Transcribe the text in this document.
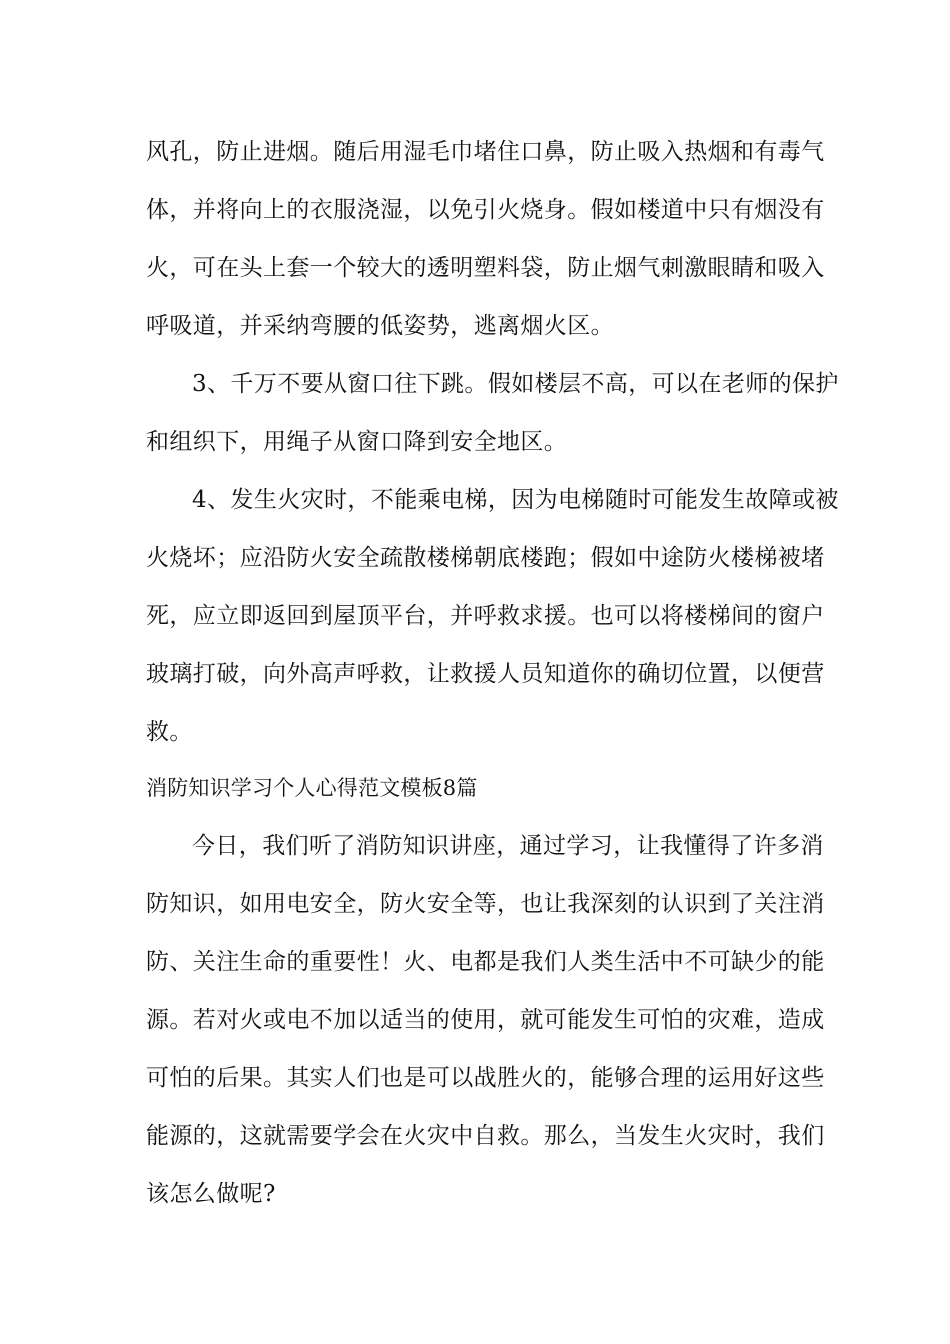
风孔，防止进烟。随后用湿毛巾堵住口鼻，防止吸入热烟和有毒气
体，并将向上的衣服浇湿，以免引火烧身。假如楼道中只有烟没有
火，可在头上套一个较大的透明塑料袋，防止烟气刺激眼睛和吸入
呼吸道，并采纳弯腰的低姿势，逃离烟火区。
3、千万不要从窗口往下跳。假如楼层不高，可以在老师的保护
和组织下，用绳子从窗口降到安全地区。
4、发生火灾时，不能乘电梯，因为电梯随时可能发生故障或被
火烧坏；应沿防火安全疏散楼梯朝底楼跑；假如中途防火楼梯被堵
死，应立即返回到屋顶平台，并呼救求援。也可以将楼梯间的窗户
玻璃打破，向外高声呼救，让救援人员知道你的确切位置，以便营
救。
消防知识学习个人心得范文模板8篇
今日，我们听了消防知识讲座，通过学习，让我懂得了许多消
防知识，如用电安全，防火安全等，也让我深刻的认识到了关注消
防、关注生命的重要性！火、电都是我们人类生活中不可缺少的能
源。若对火或电不加以适当的使用，就可能发生可怕的灾难，造成
可怕的后果。其实人们也是可以战胜火的，能够合理的运用好这些
能源的，这就需要学会在火灾中自救。那么，当发生火灾时，我们
该怎么做呢?
